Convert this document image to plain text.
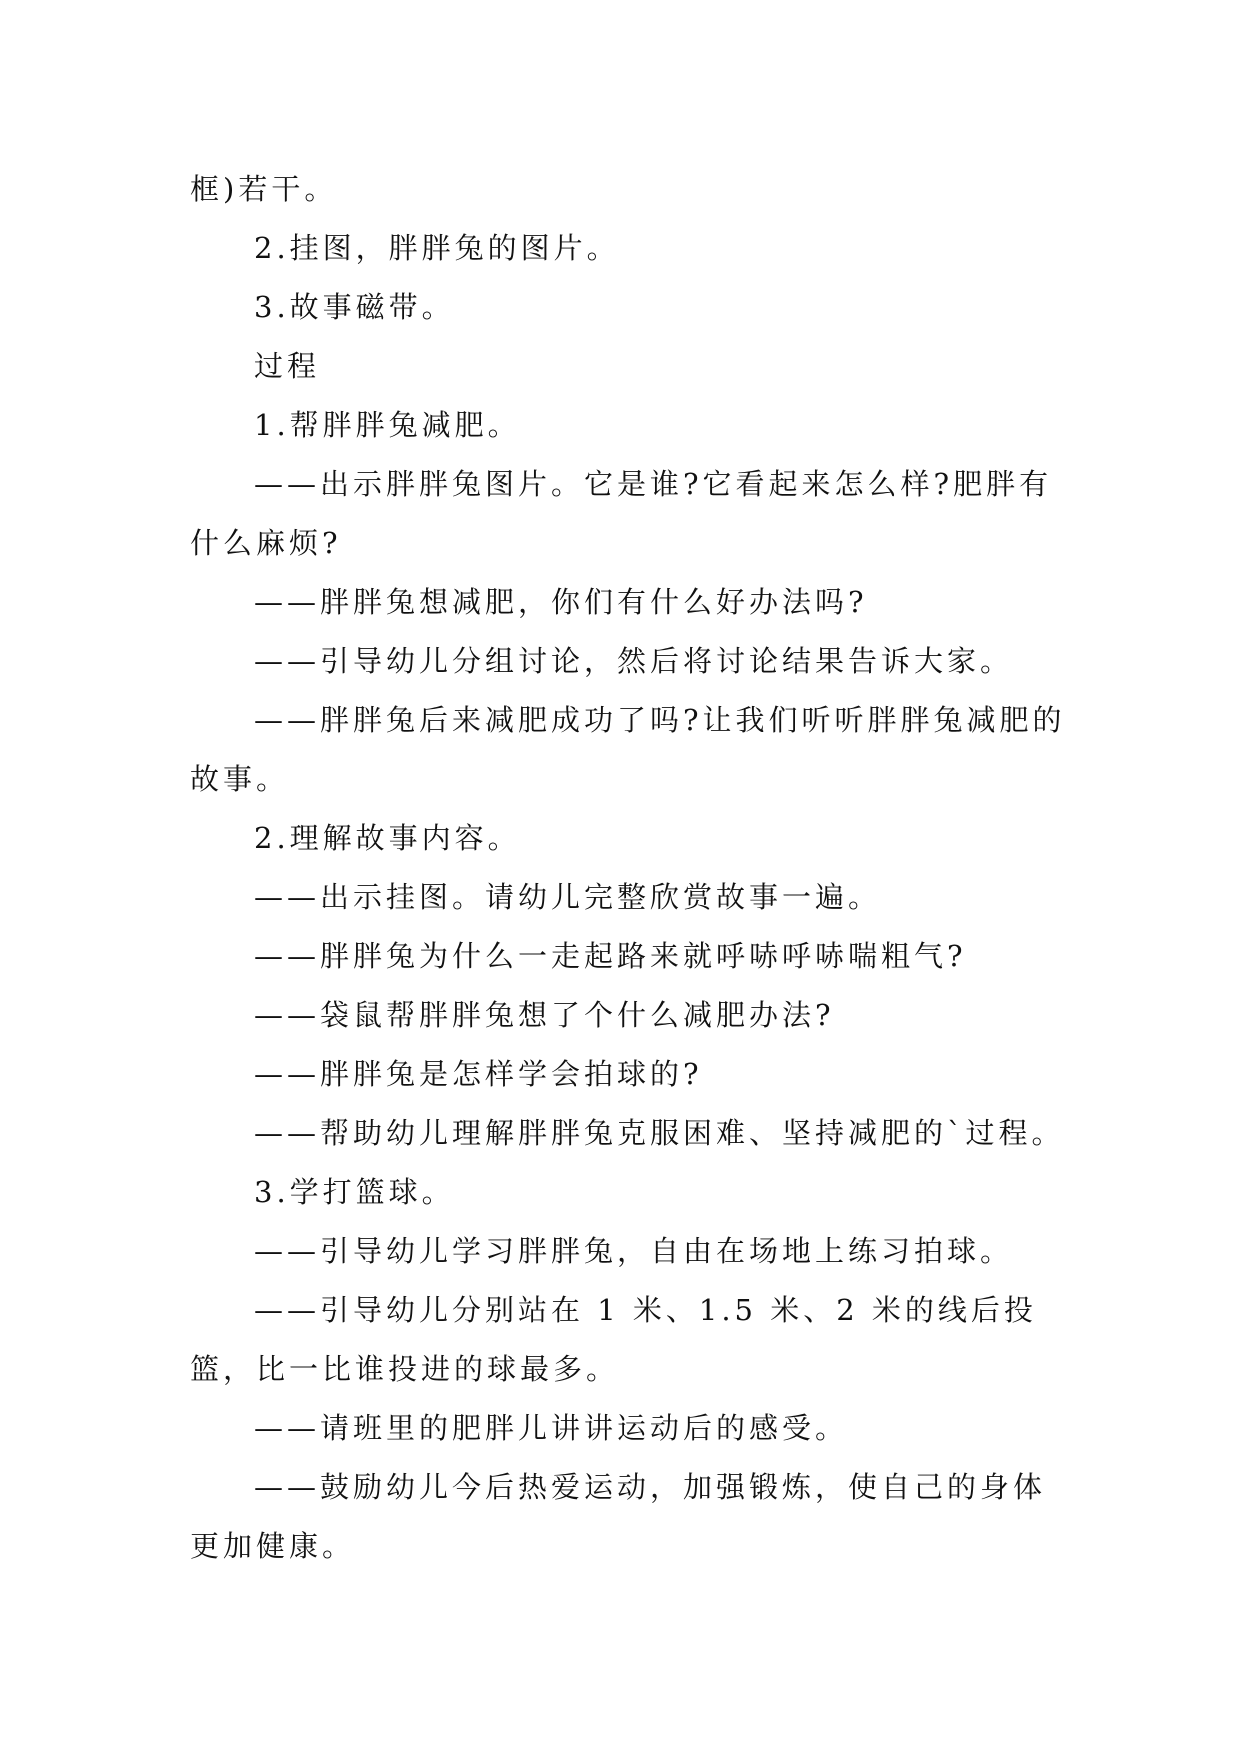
框)若干。

2.挂图，胖胖兔的图片。

3.故事磁带。

过程

1.帮胖胖兔减肥。

——出示胖胖兔图片。它是谁?它看起来怎么样?肥胖有什么麻烦?

——胖胖兔想减肥，你们有什么好办法吗?

——引导幼儿分组讨论，然后将讨论结果告诉大家。

——胖胖兔后来减肥成功了吗?让我们听听胖胖兔减肥的故事。

2.理解故事内容。

——出示挂图。请幼儿完整欣赏故事一遍。

——胖胖兔为什么一走起路来就呼哧呼哧喘粗气?

——袋鼠帮胖胖兔想了个什么减肥办法?

——胖胖兔是怎样学会拍球的?

——帮助幼儿理解胖胖兔克服困难、坚持减肥的`过程。

3.学打篮球。

——引导幼儿学习胖胖兔，自由在场地上练习拍球。

——引导幼儿分别站在 1 米、1.5 米、2 米的线后投篮，比一比谁投进的球最多。

——请班里的肥胖儿讲讲运动后的感受。

——鼓励幼儿今后热爱运动，加强锻炼，使自己的身体更加健康。
